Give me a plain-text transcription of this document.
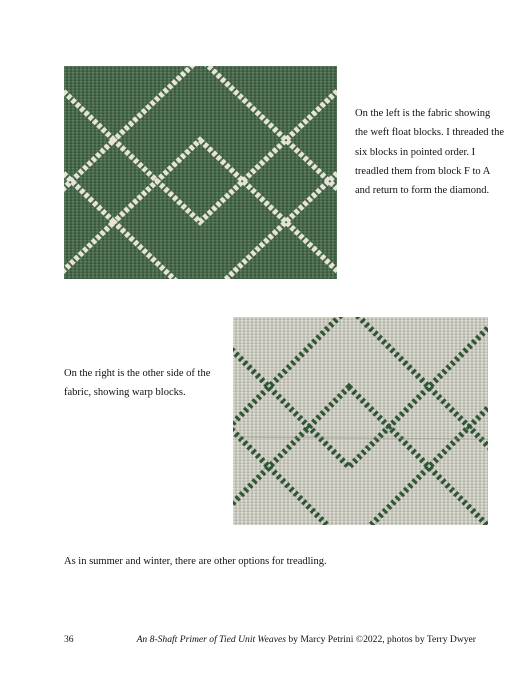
On the left is the fabric showing the weft float blocks. I threaded the six blocks in pointed order. I treadled them from block F to A and return to form the diamond.

On the right is the other side of the fabric, showing warp blocks.

As in summer and winter, there are other options for treadling.

36	An 8-Shaft Primer of Tied Unit Weaves by Marcy Petrini ©2022, photos by Terry Dwyer
